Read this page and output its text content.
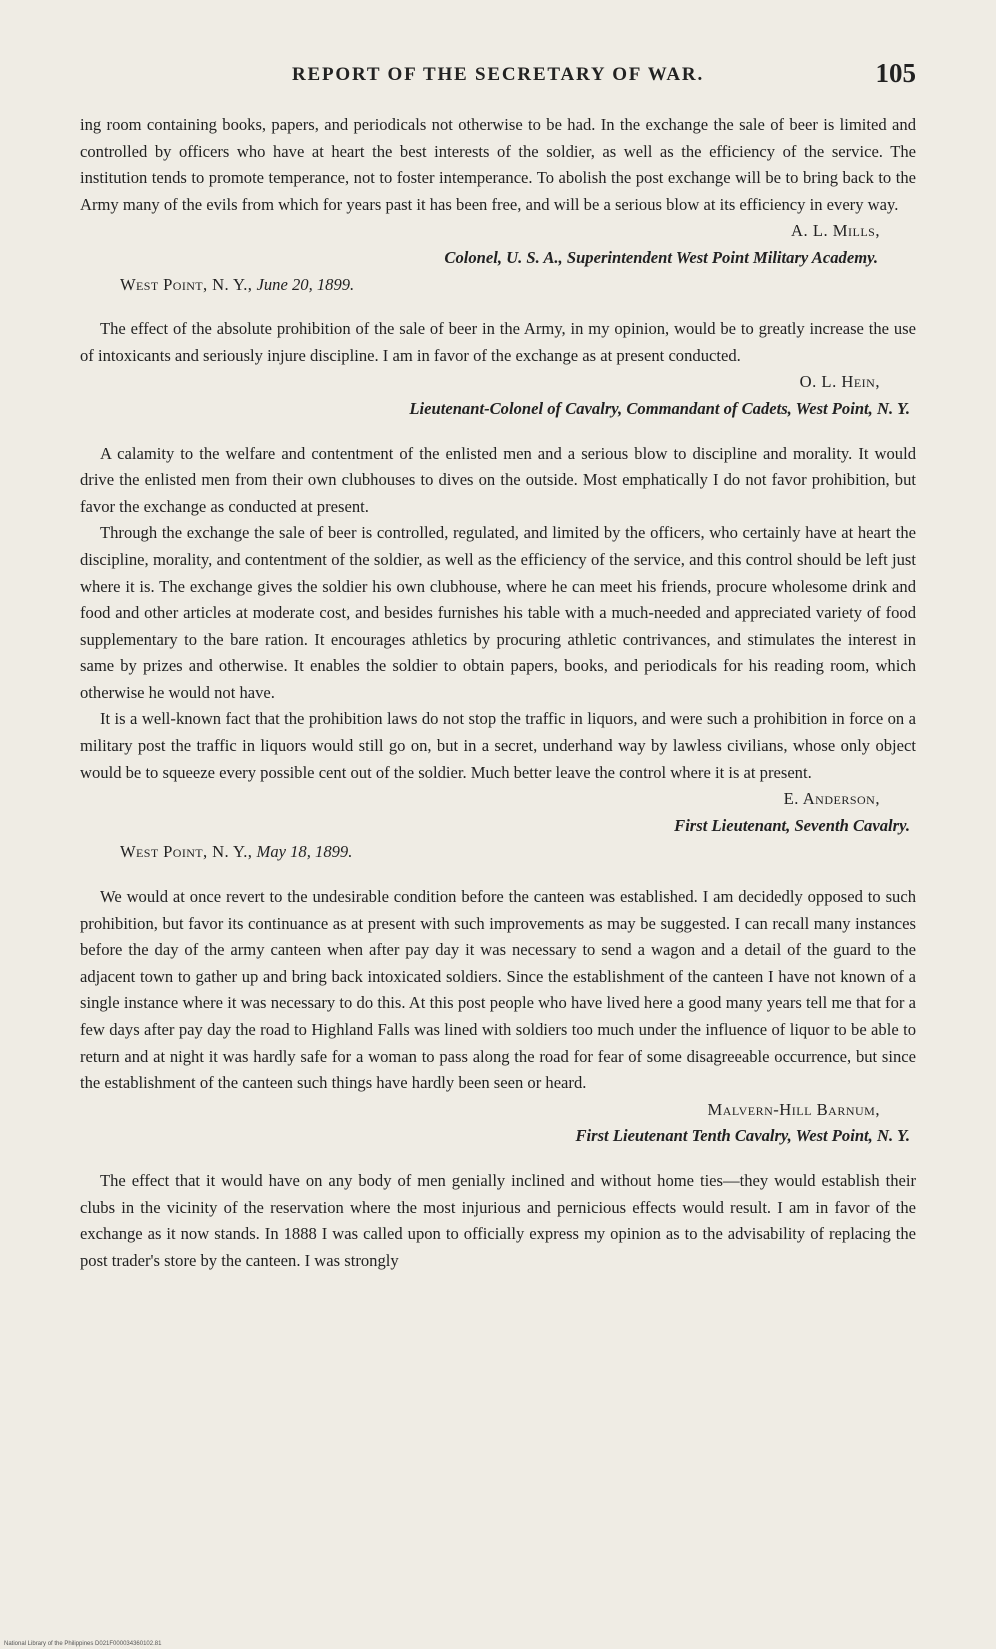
REPORT OF THE SECRETARY OF WAR.	105

ing room containing books, papers, and periodicals not otherwise to be had. In the exchange the sale of beer is limited and controlled by officers who have at heart the best interests of the soldier, as well as the efficiency of the service. The institution tends to promote temperance, not to foster intemperance. To abolish the post exchange will be to bring back to the Army many of the evils from which for years past it has been free, and will be a serious blow at its efficiency in every way.

A. L. Mills,

Colonel, U. S. A., Superintendent West Point Military Academy.

West Point, N. Y., June 20, 1899.

The effect of the absolute prohibition of the sale of beer in the Army, in my opinion, would be to greatly increase the use of intoxicants and seriously injure discipline. I am in favor of the exchange as at present conducted.

O. L. Hein,

Lieutenant-Colonel of Cavalry, Commandant of Cadets, West Point, N. Y.

A calamity to the welfare and contentment of the enlisted men and a serious blow to discipline and morality. It would drive the enlisted men from their own clubhouses to dives on the outside. Most emphatically I do not favor prohibition, but favor the exchange as conducted at present.

Through the exchange the sale of beer is controlled, regulated, and limited by the officers, who certainly have at heart the discipline, morality, and contentment of the soldier, as well as the efficiency of the service, and this control should be left just where it is. The exchange gives the soldier his own clubhouse, where he can meet his friends, procure wholesome drink and food and other articles at moderate cost, and besides furnishes his table with a much-needed and appreciated variety of food supplementary to the bare ration. It encourages athletics by procuring athletic contrivances, and stimulates the interest in same by prizes and otherwise. It enables the soldier to obtain papers, books, and periodicals for his reading room, which otherwise he would not have.

It is a well-known fact that the prohibition laws do not stop the traffic in liquors, and were such a prohibition in force on a military post the traffic in liquors would still go on, but in a secret, underhand way by lawless civilians, whose only object would be to squeeze every possible cent out of the soldier. Much better leave the control where it is at present.

E. Anderson,

First Lieutenant, Seventh Cavalry.

West Point, N. Y., May 18, 1899.

We would at once revert to the undesirable condition before the canteen was established. I am decidedly opposed to such prohibition, but favor its continuance as at present with such improvements as may be suggested. I can recall many instances before the day of the army canteen when after pay day it was necessary to send a wagon and a detail of the guard to the adjacent town to gather up and bring back intoxicated soldiers. Since the establishment of the canteen I have not known of a single instance where it was necessary to do this. At this post people who have lived here a good many years tell me that for a few days after pay day the road to Highland Falls was lined with soldiers too much under the influence of liquor to be able to return and at night it was hardly safe for a woman to pass along the road for fear of some disagreeable occurrence, but since the establishment of the canteen such things have hardly been seen or heard.

Malvern-Hill Barnum,

First Lieutenant Tenth Cavalry, West Point, N. Y.

The effect that it would have on any body of men genially inclined and without home ties—they would establish their clubs in the vicinity of the reservation where the most injurious and pernicious effects would result. I am in favor of the exchange as it now stands. In 1888 I was called upon to officially express my opinion as to the advisability of replacing the post trader's store by the canteen. I was strongly

National Library of the Philippines D021F000034360102.81
